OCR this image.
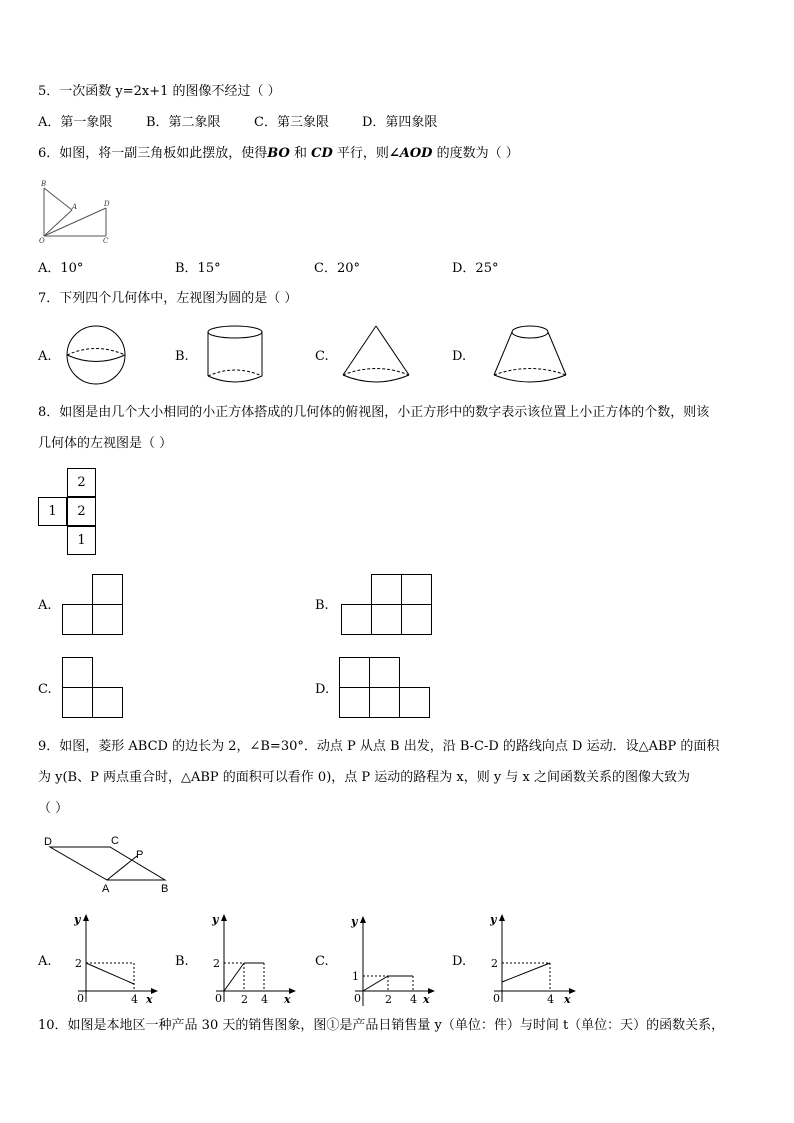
5．一次函数 y=2x+1 的图像不经过（ ）
A．第一象限	B．第二象限	C．第三象限	D．第四象限
6．如图，将一副三角板如此摆放，使得BO 和 CD 平行，则∠AOD 的度数为（ ）
B
A	D
O	C
A．10°	B．15°	C．20°	D．25°
7．下列四个几何体中，左视图为圆的是（ ）
A.	B.	C.	D.
8．如图是由几个大小相同的小正方体搭成的几何体的俯视图，小正方形中的数字表示该位置上小正方体的个数，则该
几何体的左视图是（ ）
2
1	2
1
A.	B.
C.	D.
9．如图，菱形 ABCD 的边长为 2，∠B=30°．动点 P 从点 B 出发，沿 B-C-D 的路线向点 D 运动．设△ABP 的面积
为 y(B、P 两点重合时，△ABP 的面积可以看作 0)，点 P 运动的路程为 x，则 y 与 x 之间函数关系的图像大致为
（ ）
D	C
P
A	B
A.
y
x
2
0	4
B.
y
x
2
0 2 4
C.
y
x
1
0 2 4
D.
y
x
2
0	4
10．如图是本地区一种产品 30 天的销售图象，图①是产品日销售量 y（单位：件）与时间 t（单位：天）的函数关系，
